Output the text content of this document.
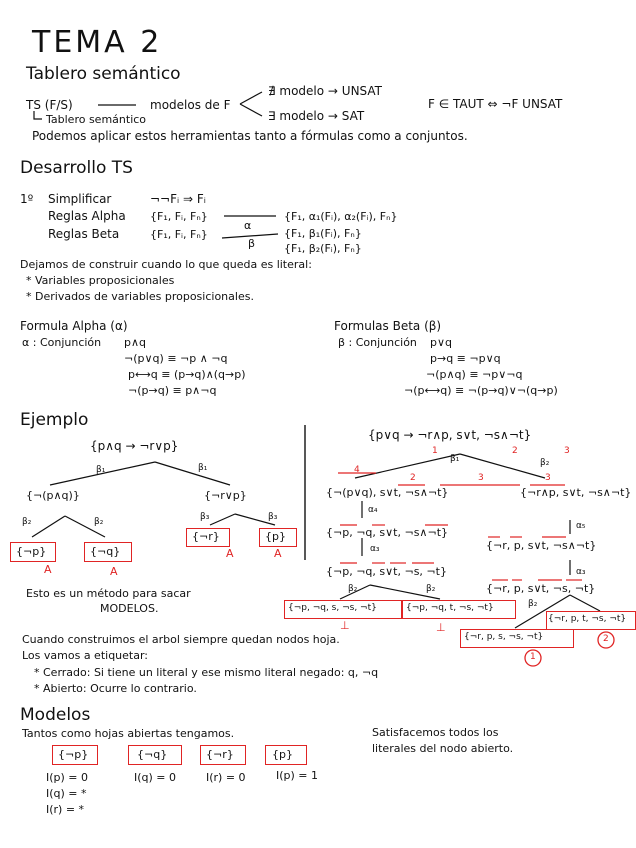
TEMA 2
Tablero semántico
TS (F/S)	modelos de F
∄ modelo → UNSAT
∃ modelo → SAT
F ∈ TAUT ⇔ ¬F UNSAT
Tablero semántico
Podemos aplicar estos herramientas tanto a fórmulas como a conjuntos.
Desarrollo TS
1º Simplificar	¬¬Fᵢ ⇒ Fᵢ
Reglas Alpha {F₁, Fᵢ, Fₙ}
α
{F₁, α₁(Fᵢ), α₂(Fᵢ), Fₙ}
Reglas Beta	{F₁, Fᵢ, Fₙ}
β
{F₁, β₁(Fᵢ), Fₙ}
{F₁, β₂(Fᵢ), Fₙ}
Dejamos de construir cuando lo que queda es literal:
* Variables proposicionales
* Derivados de variables proposicionales.
Formula Alpha (α)
α : Conjunción p∧q
¬(p∨q) ≡ ¬p ∧ ¬q
p⟷q ≡ (p→q)∧(q→p)
¬(p→q) ≡ p∧¬q
Formulas Beta (β)
β : Conjunción p∨q
p→q ≡ ¬p∨q
¬(p∧q) ≡ ¬p∨¬q
¬(p⟷q) ≡ ¬(p→q)∨¬(q→p)
Ejemplo
{p∧q → ¬r∨p}
β₁	β₁
{¬(p∧q)}	{¬r∨p}
β₂	β₂	β₃	β₃
{¬p}	{¬q}
{¬r}	{p}
A	A
A	A
Esto es un método para sacar
MODELOS.
{p∨q → ¬r∧p, s∨t, ¬s∧¬t}
1	2	3
β₁	β₂
4
2	3	3
{¬(p∨q), s∨t, ¬s∧¬t}	{¬r∧p, s∨t, ¬s∧¬t}
α₄
α₅
{¬p, ¬q, s∨t, ¬s∧¬t}
{¬r, p, s∨t, ¬s∧¬t}
α₃
α₃
{¬p, ¬q, s∨t, ¬s, ¬t}
{¬r, p, s∨t, ¬s, ¬t}
β₂	β₂
β₂
{¬p, ¬q, s, ¬s, ¬t}	{¬p, ¬q, t, ¬s, ¬t}
{¬r, p, s, ¬s, ¬t}
{¬r, p, t, ¬s, ¬t}
⊥	⊥
1
2
Cuando construimos el arbol siempre quedan nodos hoja.
Los vamos a etiquetar:
* Cerrado: Si tiene un literal y ese mismo literal negado: q, ¬q
* Abierto: Ocurre lo contrario.
Modelos
Tantos como hojas abiertas tengamos.	Satisfacemos todos los
literales del nodo abierto.
{¬p}	{¬q}	{¬r}	{p}
I(p) = 0
I(q) = *
I(r) = *
I(q) = 0	I(r) = 0	I(p) = 1
